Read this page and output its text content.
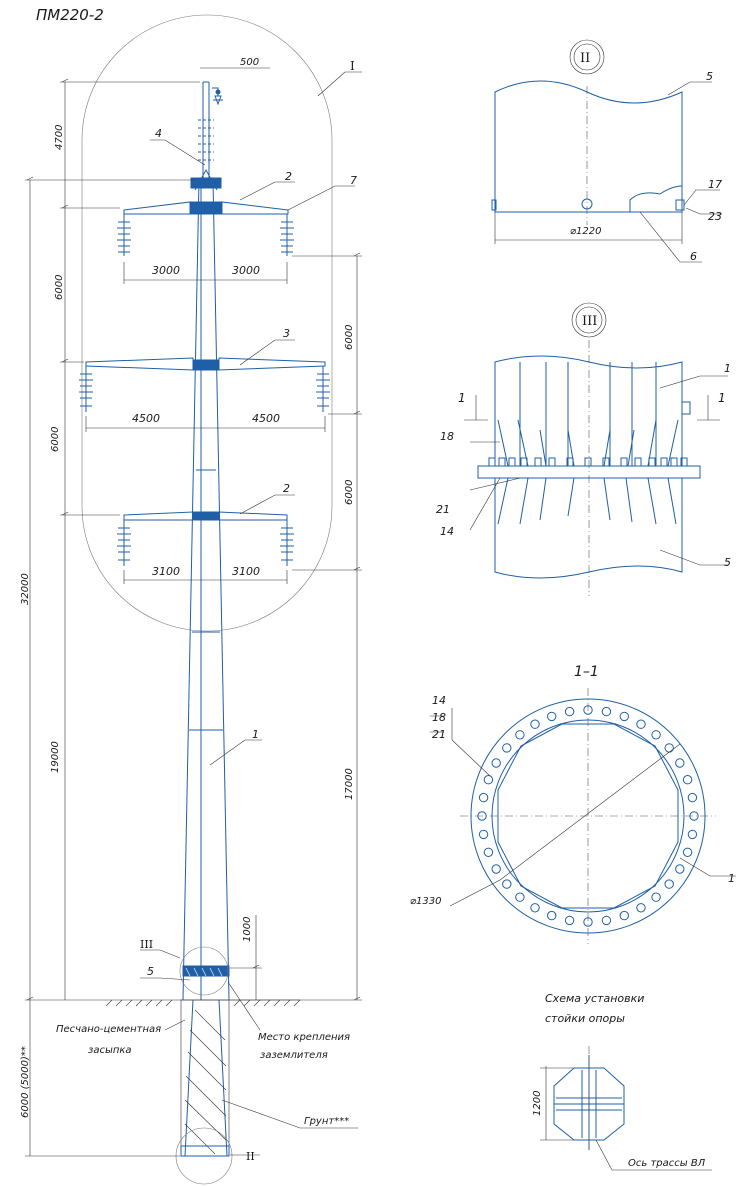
ПМ220-2
I
4700
6000
6000
19000
32000
6000 (5000)**
6000
6000
17000
1000
500
3000	3000
4500	4500
3100	3100
4
2	7
3
2
1
5
III
II
Песчано-цементная
засыпка
Место крепления
заземлителя
Грунт***
II
⌀1220
5
17
23
6
III
1	1
1
18
21
14
5
1–1
⌀1330
14
18
21
1
Схема установки
стойки опоры
1200
Ось трассы ВЛ
